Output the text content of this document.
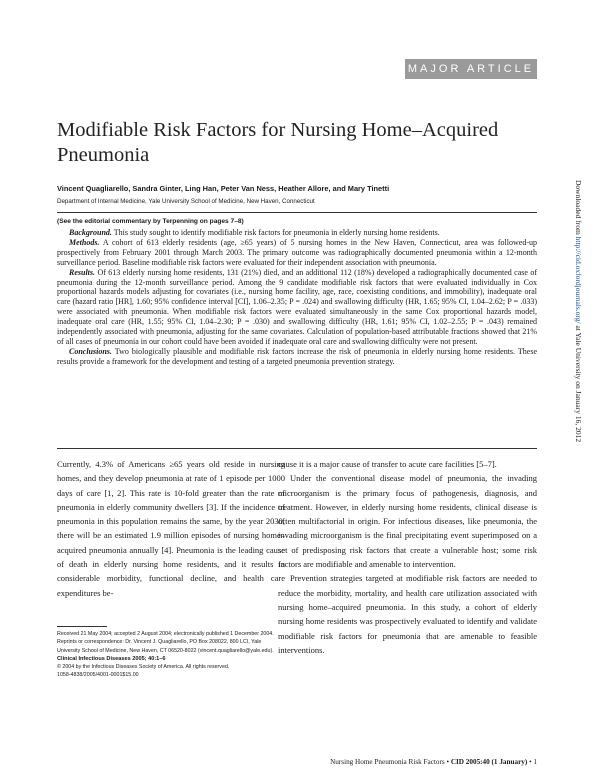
MAJOR ARTICLE
Modifiable Risk Factors for Nursing Home–Acquired Pneumonia
Vincent Quagliarello, Sandra Ginter, Ling Han, Peter Van Ness, Heather Allore, and Mary Tinetti
Department of Internal Medicine, Yale University School of Medicine, New Haven, Connecticut
(See the editorial commentary by Terpenning on pages 7–8)

Background. This study sought to identify modifiable risk factors for pneumonia in elderly nursing home residents.

Methods. A cohort of 613 elderly residents (age, ≥65 years) of 5 nursing homes in the New Haven, Connecticut, area was followed-up prospectively from February 2001 through March 2003. The primary outcome was radiographically documented pneumonia within a 12-month surveillance period. Baseline modifiable risk factors were evaluated for their independent association with pneumonia.

Results. Of 613 elderly nursing home residents, 131 (21%) died, and an additional 112 (18%) developed a radiographically documented case of pneumonia during the 12-month surveillance period. Among the 9 candidate modifiable risk factors that were evaluated individually in Cox proportional hazards models adjusting for covariates (i.e., nursing home facility, age, race, coexisting conditions, and immobility), inadequate oral care (hazard ratio [HR], 1.60; 95% confidence interval [CI], 1.06–2.35; P = .024) and swallowing difficulty (HR, 1.65; 95% CI, 1.04–2.62; P = .033) were associated with pneumonia. When modifiable risk factors were evaluated simultaneously in the same Cox proportional hazards model, inadequate oral care (HR, 1.55; 95% CI, 1.04–2.30; P = .030) and swallowing difficulty (HR, 1.61; 95% CI, 1.02–2.55; P = .043) remained independently associated with pneumonia, adjusting for the same covariates. Calculation of population-based attributable fractions showed that 21% of all cases of pneumonia in our cohort could have been avoided if inadequate oral care and swallowing difficulty were not present.

Conclusions. Two biologically plausible and modifiable risk factors increase the risk of pneumonia in elderly nursing home residents. These results provide a framework for the development and testing of a targeted pneumonia prevention strategy.

Currently, 4.3% of Americans ≥65 years old reside in nursing homes, and they develop pneumonia at rate of 1 episode per 1000 days of care [1, 2]. This rate is 10-fold greater than the rate of pneumonia in elderly community dwellers [3]. If the incidence of pneumonia in this population remains the same, by the year 2030, there will be an estimated 1.9 million episodes of nursing home–acquired pneumonia annually [4]. Pneumonia is the leading cause of death in elderly nursing home residents, and it results in considerable morbidity, functional decline, and health care expenditures be-

cause it is a major cause of transfer to acute care facilities [5–7].

Under the conventional disease model of pneumonia, the invading microorganism is the primary focus of pathogenesis, diagnosis, and treatment. However, in elderly nursing home residents, clinical disease is often multifactorial in origin. For infectious diseases, like pneumonia, the invading microorganism is the final precipitating event superimposed on a set of predisposing risk factors that create a vulnerable host; some risk factors are modifiable and amenable to intervention.

Prevention strategies targeted at modifiable risk factors are needed to reduce the morbidity, mortality, and health care utilization associated with nursing home–acquired pneumonia. In this study, a cohort of elderly nursing home residents was prospectively evaluated to identify and validate modifiable risk factors for pneumonia that are amenable to feasible interventions.

Received 21 May 2004; accepted 2 August 2004; electronically published 1 December 2004.

Reprints or correspondence: Dr. Vincent J. Quagliarello, PO Box 208022, 800 LCI, Yale University School of Medicine, New Haven, CT 06520-8022 (vincent.quagliarello@yale.edu).

Clinical Infectious Diseases 2005; 40:1–6

© 2004 by the Infectious Diseases Society of America. All rights reserved.

1058-4838/2005/4001-0001$15.00

Nursing Home Pneumonia Risk Factors • CID 2005:40 (1 January) • 1
Downloaded from http://cid.oxfordjournals.org/ at Yale University on January 16, 2012
